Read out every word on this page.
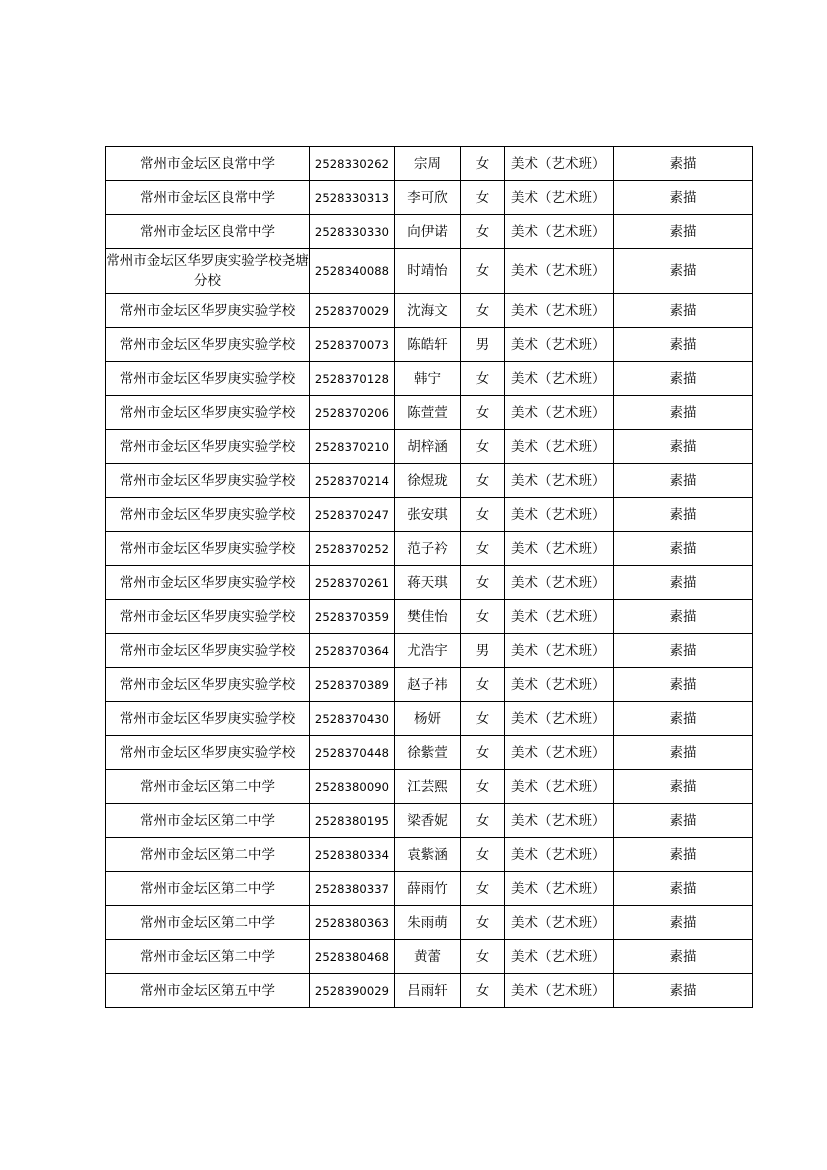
常州市金坛区良常中学	2528330262	宗周	女	美术（艺术班）	素描
常州市金坛区良常中学	2528330313	李可欣	女	美术（艺术班）	素描
常州市金坛区良常中学	2528330330	向伊诺	女	美术（艺术班）	素描
常州市金坛区华罗庚实验学校尧塘分校	2528340088	时靖怡	女	美术（艺术班）	素描
常州市金坛区华罗庚实验学校	2528370029	沈海文	女	美术（艺术班）	素描
常州市金坛区华罗庚实验学校	2528370073	陈皓轩	男	美术（艺术班）	素描
常州市金坛区华罗庚实验学校	2528370128	韩宁	女	美术（艺术班）	素描
常州市金坛区华罗庚实验学校	2528370206	陈萱萱	女	美术（艺术班）	素描
常州市金坛区华罗庚实验学校	2528370210	胡梓涵	女	美术（艺术班）	素描
常州市金坛区华罗庚实验学校	2528370214	徐煜珑	女	美术（艺术班）	素描
常州市金坛区华罗庚实验学校	2528370247	张安琪	女	美术（艺术班）	素描
常州市金坛区华罗庚实验学校	2528370252	范子衿	女	美术（艺术班）	素描
常州市金坛区华罗庚实验学校	2528370261	蒋天琪	女	美术（艺术班）	素描
常州市金坛区华罗庚实验学校	2528370359	樊佳怡	女	美术（艺术班）	素描
常州市金坛区华罗庚实验学校	2528370364	尤浩宇	男	美术（艺术班）	素描
常州市金坛区华罗庚实验学校	2528370389	赵子祎	女	美术（艺术班）	素描
常州市金坛区华罗庚实验学校	2528370430	杨妍	女	美术（艺术班）	素描
常州市金坛区华罗庚实验学校	2528370448	徐紫萱	女	美术（艺术班）	素描
常州市金坛区第二中学	2528380090	江芸熙	女	美术（艺术班）	素描
常州市金坛区第二中学	2528380195	梁香妮	女	美术（艺术班）	素描
常州市金坛区第二中学	2528380334	袁紫涵	女	美术（艺术班）	素描
常州市金坛区第二中学	2528380337	薛雨竹	女	美术（艺术班）	素描
常州市金坛区第二中学	2528380363	朱雨萌	女	美术（艺术班）	素描
常州市金坛区第二中学	2528380468	黄蕾	女	美术（艺术班）	素描
常州市金坛区第五中学	2528390029	吕雨轩	女	美术（艺术班）	素描
